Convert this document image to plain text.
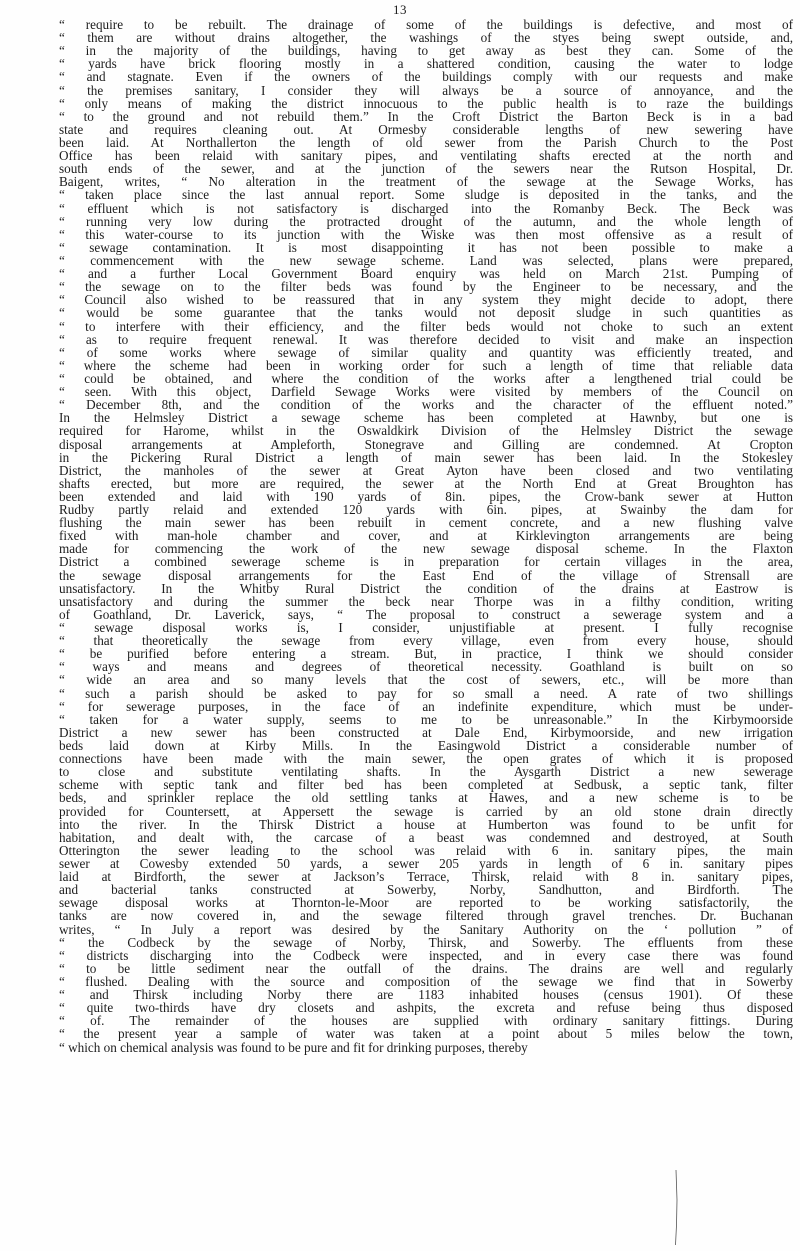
13
“ require to be rebuilt. The drainage of some of the buildings is defective, and most of
“ them are without drains altogether, the washings of the styes being swept outside, and,
“ in the majority of the buildings, having to get away as best they can. Some of the
“ yards have brick flooring mostly in a shattered condition, causing the water to lodge
“ and stagnate. Even if the owners of the buildings comply with our requests and make
“ the premises sanitary, I consider they will always be a source of annoyance, and the
“ only means of making the district innocuous to the public health is to raze the buildings
“ to the ground and not rebuild them.” In the Croft District the Barton Beck is in a bad
state and requires cleaning out. At Ormesby considerable lengths of new sewering have
been laid. At Northallerton the length of old sewer from the Parish Church to the Post
Office has been relaid with sanitary pipes, and ventilating shafts erected at the north and
south ends of the sewer, and at the junction of the sewers near the Rutson Hospital, Dr.
Baigent, writes, “ No alteration in the treatment of the sewage at the Sewage Works, has
“ taken place since the last annual report. Some sludge is deposited in the tanks, and the
“ effluent which is not satisfactory is discharged into the Romanby Beck. The Beck was
“ running very low during the protracted drought of the autumn, and the whole length of
“ this water-course to its junction with the Wiske was then most offensive as a result of
“ sewage contamination. It is most disappointing it has not been possible to make a
“ commencement with the new sewage scheme. Land was selected, plans were prepared,
“ and a further Local Government Board enquiry was held on March 21st. Pumping of
“ the sewage on to the filter beds was found by the Engineer to be necessary, and the
“ Council also wished to be reassured that in any system they might decide to adopt, there
“ would be some guarantee that the tanks would not deposit sludge in such quantities as
“ to interfere with their efficiency, and the filter beds would not choke to such an extent
“ as to require frequent renewal. It was therefore decided to visit and make an inspection
“ of some works where sewage of similar quality and quantity was efficiently treated, and
“ where the scheme had been in working order for such a length of time that reliable data
“ could be obtained, and where the condition of the works after a lengthened trial could be
“ seen. With this object, Darfield Sewage Works were visited by members of the Council on
“ December 8th, and the condition of the works and the character of the effluent noted.”
In the Helmsley District a sewage scheme has been completed at Hawnby, but one is
required for Harome, whilst in the Oswaldkirk Division of the Helmsley District the sewage
disposal arrangements at Ampleforth, Stonegrave and Gilling are condemned. At Cropton
in the Pickering Rural District a length of main sewer has been laid. In the Stokesley
District, the manholes of the sewer at Great Ayton have been closed and two ventilating
shafts erected, but more are required, the sewer at the North End at Great Broughton has
been extended and laid with 190 yards of 8in. pipes, the Crow-bank sewer at Hutton
Rudby partly relaid and extended 120 yards with 6in. pipes, at Swainby the dam for
flushing the main sewer has been rebuilt in cement concrete, and a new flushing valve
fixed with man-hole chamber and cover, and at Kirklevington arrangements are being
made for commencing the work of the new sewage disposal scheme. In the Flaxton
District a combined sewerage scheme is in preparation for certain villages in the area,
the sewage disposal arrangements for the East End of the village of Strensall are
unsatisfactory. In the Whitby Rural District the condition of the drains at Eastrow is
unsatisfactory and during the summer the beck near Thorpe was in a filthy condition, writing
of Goathland, Dr. Laverick, says, “ The proposal to construct a sewerage system and a
“ sewage disposal works is, I consider, unjustifiable at present. I fully recognise
“ that theoretically the sewage from every village, even from every house, should
“ be purified before entering a stream. But, in practice, I think we should consider
“ ways and means and degrees of theoretical necessity. Goathland is built on so
“ wide an area and so many levels that the cost of sewers, etc., will be more than
“ such a parish should be asked to pay for so small a need. A rate of two shillings
“ for sewerage purposes, in the face of an indefinite expenditure, which must be under-
“ taken for a water supply, seems to me to be unreasonable.” In the Kirbymoorside
District a new sewer has been constructed at Dale End, Kirbymoorside, and new irrigation
beds laid down at Kirby Mills. In the Easingwold District a considerable number of
connections have been made with the main sewer, the open grates of which it is proposed
to close and substitute ventilating shafts. In the Aysgarth District a new sewerage
scheme with septic tank and filter bed has been completed at Sedbusk, a septic tank, filter
beds, and sprinkler replace the old settling tanks at Hawes, and a new scheme is to be
provided for Countersett, at Appersett the sewage is carried by an old stone drain directly
into the river. In the Thirsk District a house at Humberton was found to be unfit for
habitation, and dealt with, the carcase of a beast was condemned and destroyed, at South
Otterington the sewer leading to the school was relaid with 6 in. sanitary pipes, the main
sewer at Cowesby extended 50 yards, a sewer 205 yards in length of 6 in. sanitary pipes
laid at Birdforth, the sewer at Jackson’s Terrace, Thirsk, relaid with 8 in. sanitary pipes,
and bacterial tanks constructed at Sowerby, Norby, Sandhutton, and Birdforth. The
sewage disposal works at Thornton-le-Moor are reported to be working satisfactorily, the
tanks are now covered in, and the sewage filtered through gravel trenches. Dr. Buchanan
writes, “ In July a report was desired by the Sanitary Authority on the ‘ pollution ” of
“ the Codbeck by the sewage of Norby, Thirsk, and Sowerby. The effluents from these
“ districts discharging into the Codbeck were inspected, and in every case there was found
“ to be little sediment near the outfall of the drains. The drains are well and regularly
“ flushed. Dealing with the source and composition of the sewage we find that in Sowerby
“ and Thirsk including Norby there are 1183 inhabited houses (census 1901). Of these
“ quite two-thirds have dry closets and ashpits, the excreta and refuse being thus disposed
“ of. The remainder of the houses are supplied with ordinary sanitary fittings. During
“ the present year a sample of water was taken at a point about 5 miles below the town,
“ which on chemical analysis was found to be pure and fit for drinking purposes, thereby
